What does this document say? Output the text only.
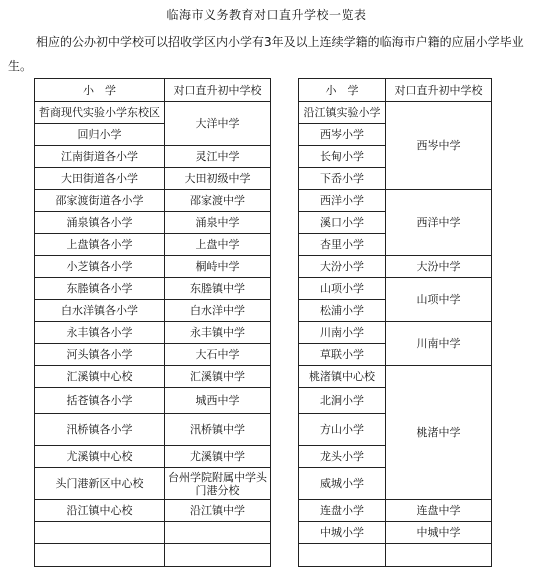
临海市义务教育对口直升学校一览表
相应的公办初中学校可以招收学区内小学有3年及以上连续学籍的临海市户籍的应届小学毕业生。
小　学	对口直升初中学校
哲商现代实验小学东校区	大洋中学
回归小学	
江南街道各小学	灵江中学
大田街道各小学	大田初级中学
邵家渡街道各小学	邵家渡中学
涌泉镇各小学	涌泉中学
上盘镇各小学	上盘中学
小芝镇各小学	桐峙中学
东塍镇各小学	东塍镇中学
白水洋镇各小学	白水洋中学
永丰镇各小学	永丰镇中学
河头镇各小学	大石中学
汇溪镇中心校	汇溪镇中学
括苍镇各小学	城西中学
汛桥镇各小学	汛桥镇中学
尤溪镇中心校	尤溪镇中学
头门港新区中心校	台州学院附属中学头门港分校
沿江镇中心校	沿江镇中学

小　学	对口直升初中学校
沿江镇实验小学	西岑中学
西岑小学	
长甸小学	
下岙小学	
西洋小学	西洋中学
溪口小学	
杏里小学	
大汾小学	大汾中学
山项小学	山项中学
松浦小学	
川南小学	川南中学
草联小学	
桃渚镇中心校	桃渚中学
北涧小学	
方山小学	
龙头小学	
威城小学	
连盘小学	连盘中学
中城小学	中城中学
